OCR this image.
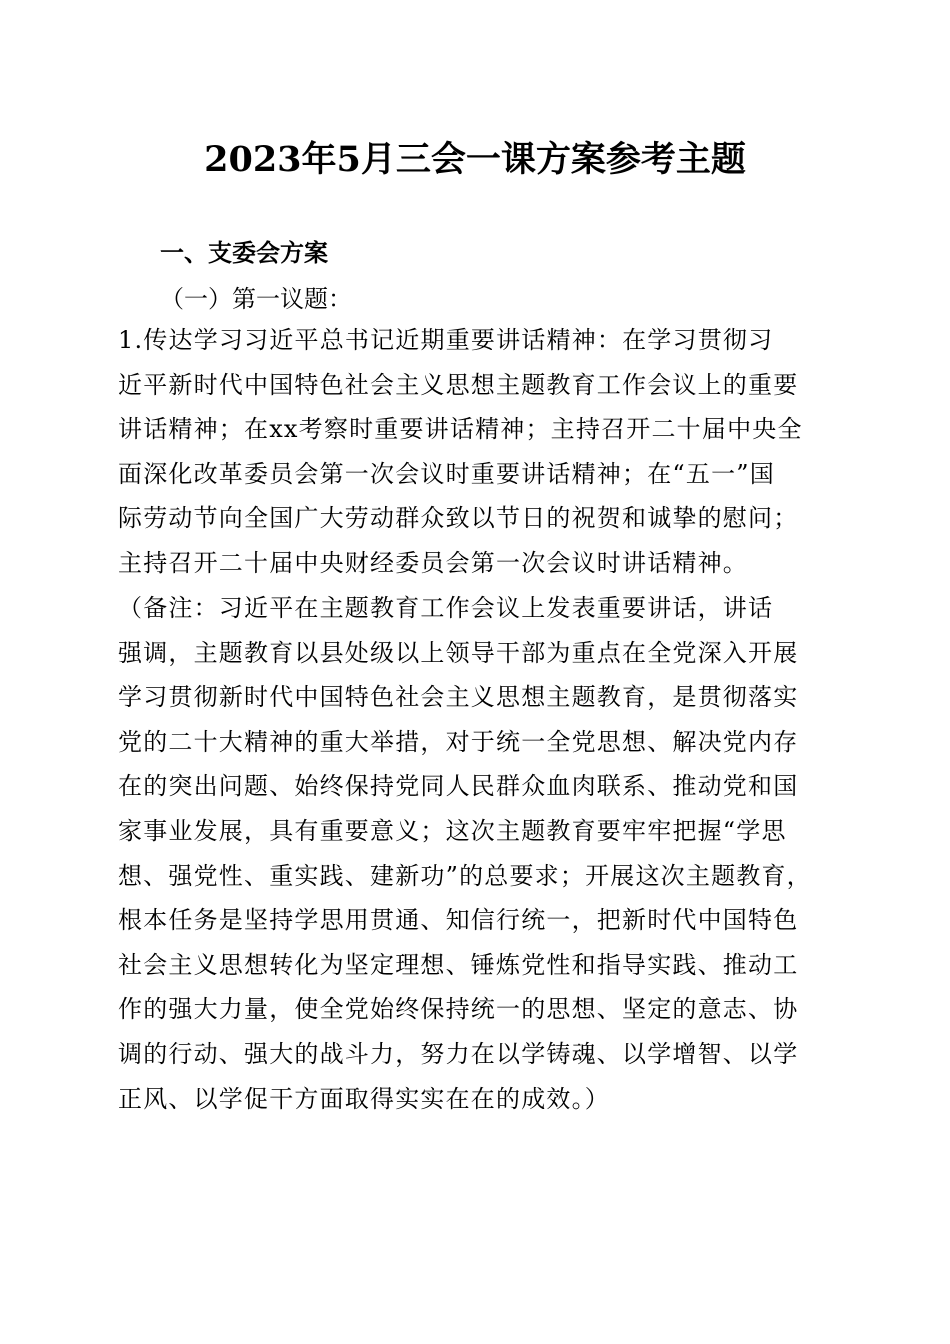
2023年5月三会一课方案参考主题
一、支委会方案
（一）第一议题：
1.传达学习习近平总书记近期重要讲话精神：在学习贯彻习
近平新时代中国特色社会主义思想主题教育工作会议上的重要
讲话精神；在xx考察时重要讲话精神；主持召开二十届中央全
面深化改革委员会第一次会议时重要讲话精神；在“五一”国
际劳动节向全国广大劳动群众致以节日的祝贺和诚挚的慰问；
主持召开二十届中央财经委员会第一次会议时讲话精神。
（备注：习近平在主题教育工作会议上发表重要讲话，讲话
强调，主题教育以县处级以上领导干部为重点在全党深入开展
学习贯彻新时代中国特色社会主义思想主题教育，是贯彻落实
党的二十大精神的重大举措，对于统一全党思想、解决党内存
在的突出问题、始终保持党同人民群众血肉联系、推动党和国
家事业发展，具有重要意义；这次主题教育要牢牢把握“学思
想、强党性、重实践、建新功”的总要求；开展这次主题教育，
根本任务是坚持学思用贯通、知信行统一，把新时代中国特色
社会主义思想转化为坚定理想、锤炼党性和指导实践、推动工
作的强大力量，使全党始终保持统一的思想、坚定的意志、协
调的行动、强大的战斗力，努力在以学铸魂、以学增智、以学
正风、以学促干方面取得实实在在的成效。）
